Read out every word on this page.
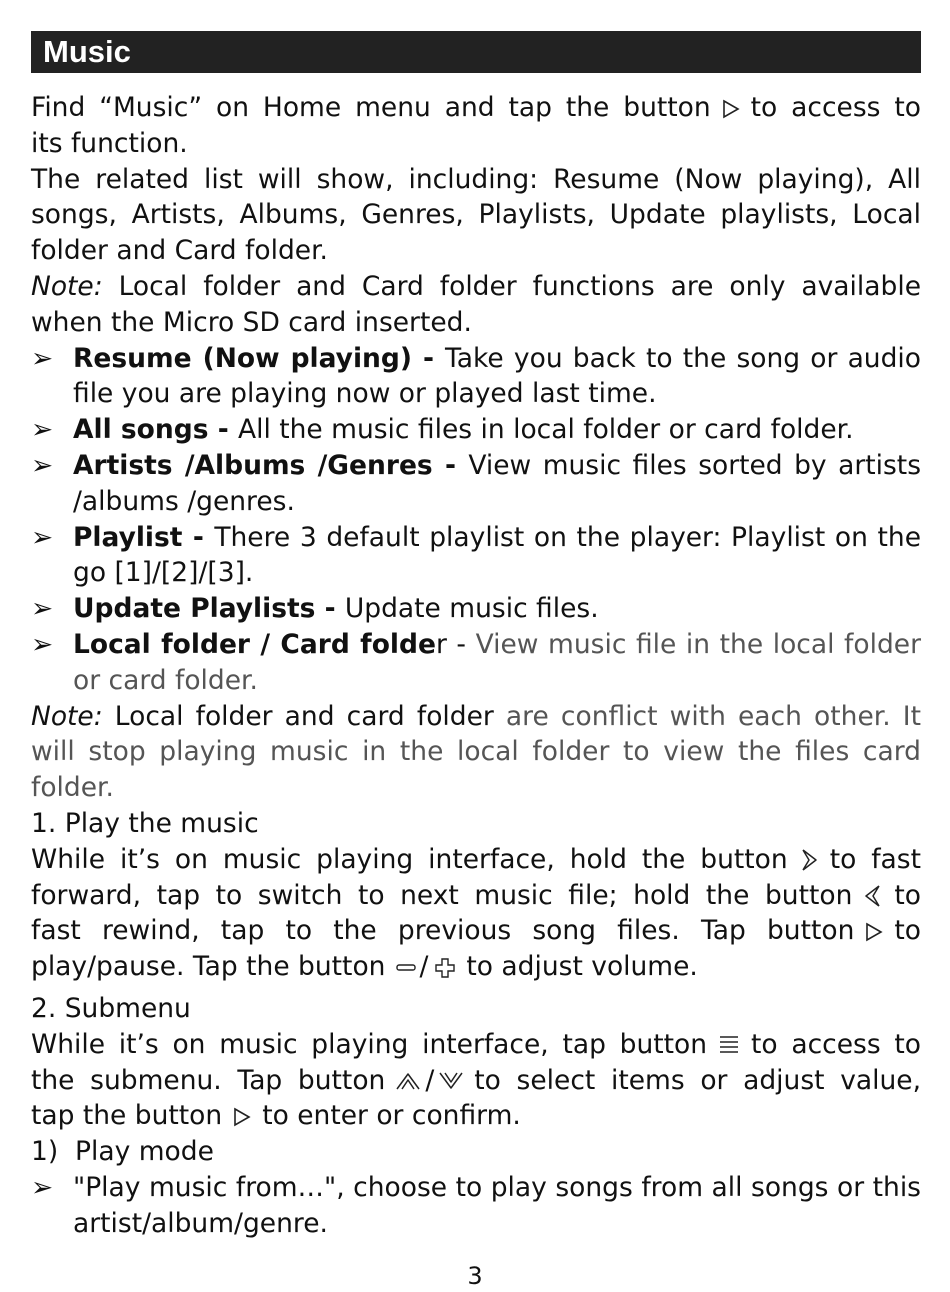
Music

Find “Music” on Home menu and tap the button to access to

its function.

The related list will show, including: Resume (Now playing), All songs, Artists, Albums, Genres, Playlists, Update playlists, Local folder and Card folder.

Note: Local folder and Card folder functions are only available when the Micro SD card inserted.

➢ Resume (Now playing) - Take you back to the song or audio file you are playing now or played last time.
➢ All songs - All the music files in local folder or card folder.
➢ Artists /Albums /Genres - View music files sorted by artists /albums /genres.
➢ Playlist - There 3 default playlist on the player: Playlist on the go [1]/[2]/[3].
➢ Update Playlists - Update music files.
➢ Local folder / Card folder - View music file in the local folder or card folder.

Note: Local folder and card folder are conflict with each other. It will stop playing music in the local folder to view the files card folder.

1. Play the music

While it’s on music playing interface, hold the button to fast

forward, tap to switch to next music file; hold the button to

fast rewind, tap to the previous song files. Tap button to

play/pause. Tap the button / to adjust volume.

2. Submenu

While it’s on music playing interface, tap button to access to

the submenu. Tap button / to select items or adjust value,

tap the button to enter or confirm.

1)  Play mode

➢ "Play music from…", choose to play songs from all songs or this artist/album/genre.
3
